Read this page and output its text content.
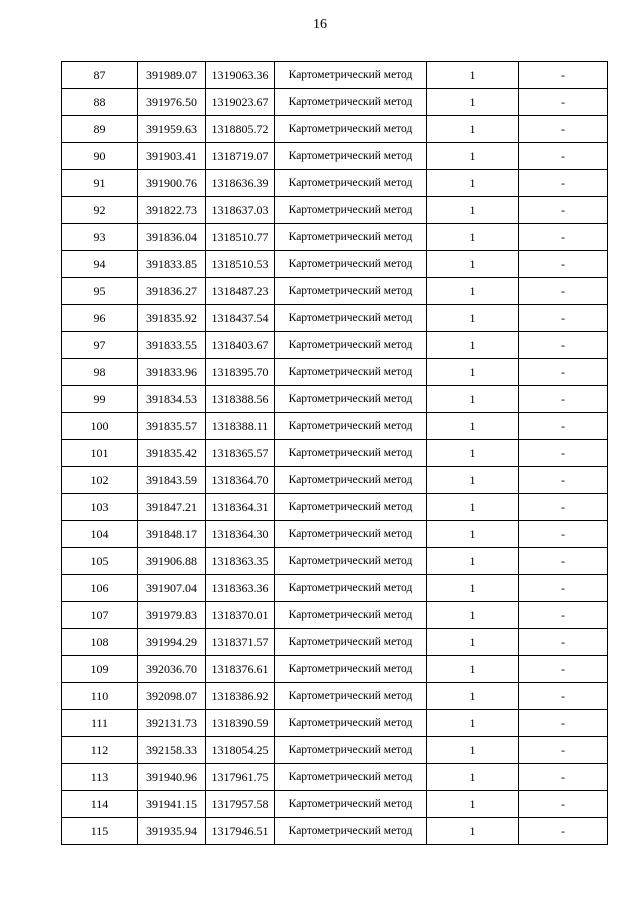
16
87	391989.07	1319063.36	Картометрический метод	1	-
88	391976.50	1319023.67	Картометрический метод	1	-
89	391959.63	1318805.72	Картометрический метод	1	-
90	391903.41	1318719.07	Картометрический метод	1	-
91	391900.76	1318636.39	Картометрический метод	1	-
92	391822.73	1318637.03	Картометрический метод	1	-
93	391836.04	1318510.77	Картометрический метод	1	-
94	391833.85	1318510.53	Картометрический метод	1	-
95	391836.27	1318487.23	Картометрический метод	1	-
96	391835.92	1318437.54	Картометрический метод	1	-
97	391833.55	1318403.67	Картометрический метод	1	-
98	391833.96	1318395.70	Картометрический метод	1	-
99	391834.53	1318388.56	Картометрический метод	1	-
100	391835.57	1318388.11	Картометрический метод	1	-
101	391835.42	1318365.57	Картометрический метод	1	-
102	391843.59	1318364.70	Картометрический метод	1	-
103	391847.21	1318364.31	Картометрический метод	1	-
104	391848.17	1318364.30	Картометрический метод	1	-
105	391906.88	1318363.35	Картометрический метод	1	-
106	391907.04	1318363.36	Картометрический метод	1	-
107	391979.83	1318370.01	Картометрический метод	1	-
108	391994.29	1318371.57	Картометрический метод	1	-
109	392036.70	1318376.61	Картометрический метод	1	-
110	392098.07	1318386.92	Картометрический метод	1	-
111	392131.73	1318390.59	Картометрический метод	1	-
112	392158.33	1318054.25	Картометрический метод	1	-
113	391940.96	1317961.75	Картометрический метод	1	-
114	391941.15	1317957.58	Картометрический метод	1	-
115	391935.94	1317946.51	Картометрический метод	1	-
